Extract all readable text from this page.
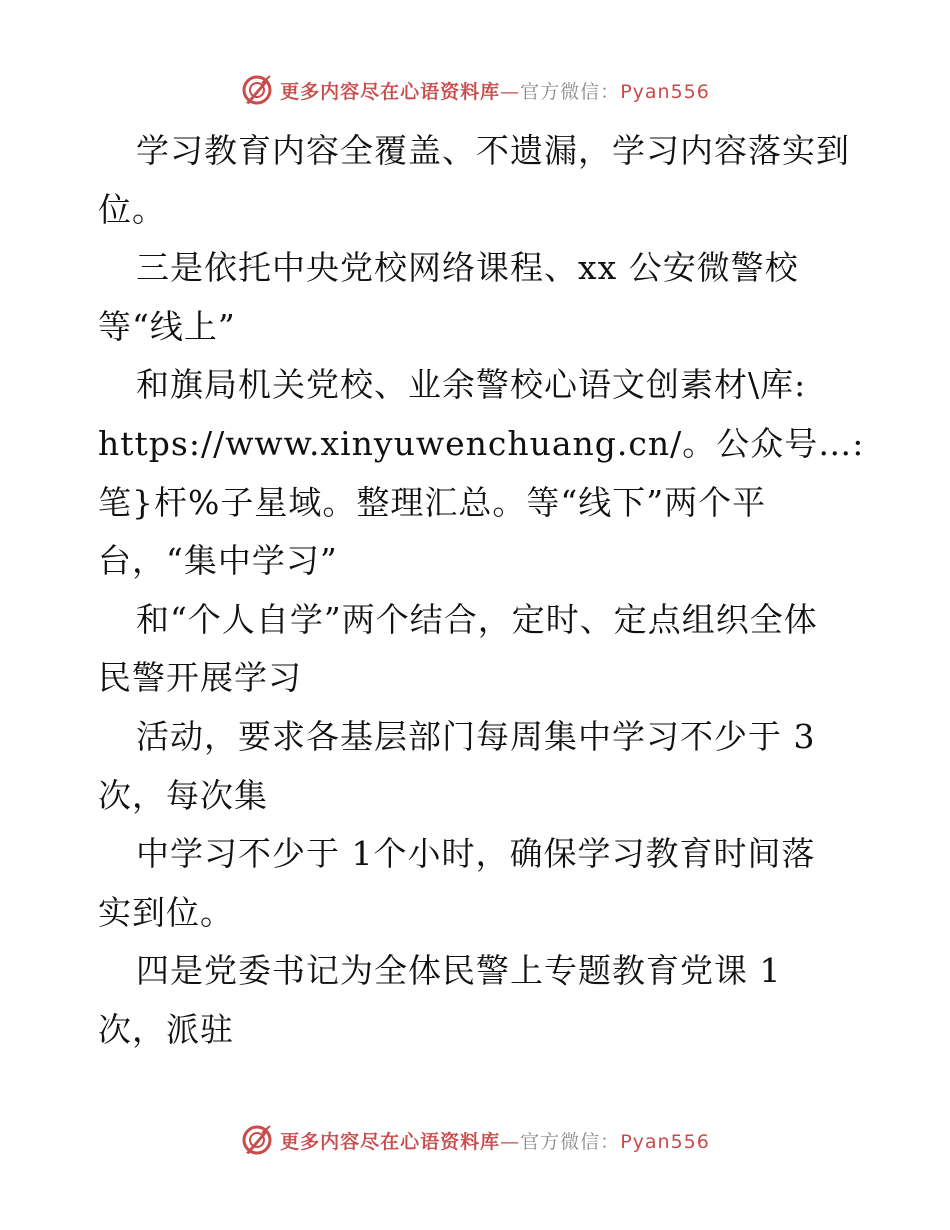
更多内容尽在心语资料库—官方微信：Pyan556
学习教育内容全覆盖、不遗漏，学习内容落实到
位。
三是依托中央党校网络课程、xx 公安微警校
等“线上”
和旗局机关党校、业余警校心语文创素材\库:
https://www.xinyuwenchuang.cn/。公众号…:
笔}杆%子星域。整理汇总。等“线下”两个平
台，“集中学习”
和“个人自学”两个结合，定时、定点组织全体
民警开展学习
活动，要求各基层部门每周集中学习不少于 3
次，每次集
中学习不少于 1个小时，确保学习教育时间落
实到位。
四是党委书记为全体民警上专题教育党课 1
次，派驻
更多内容尽在心语资料库—官方微信：Pyan556
